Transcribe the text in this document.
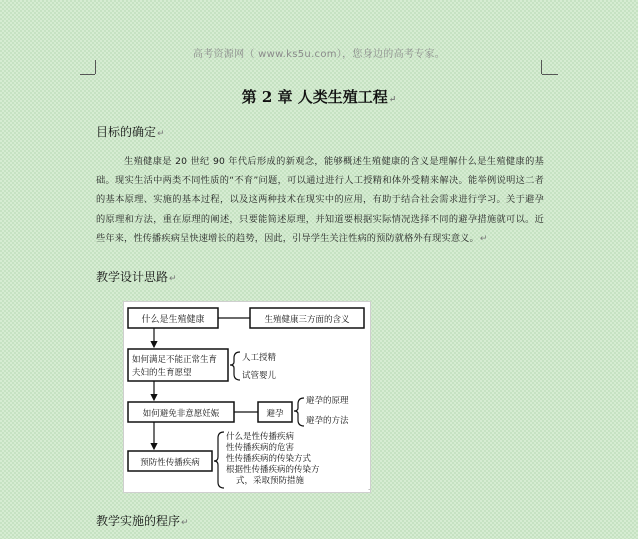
高考资源网（ www.ks5u.com），您身边的高考专家。
第 2 章 人类生殖工程↵
目标的确定↵
生殖健康是 20 世纪 90 年代后形成的新观念，能够概述生殖健康的含义是理解什么是生殖健康的基础。现实生活中两类不同性质的“不育”问题，可以通过进行人工授精和体外受精来解决。能举例说明这二者的基本原理、实施的基本过程，以及这两种技术在现实中的应用，有助于结合社会需求进行学习。关于避孕的原理和方法，重在原理的阐述，只要能简述原理，并知道要根据实际情况选择不同的避孕措施就可以。近些年来，性传播疾病呈快速增长的趋势，因此，引导学生关注性病的预防就格外有现实意义。↵
教学设计思路↵
什么是生殖健康	生殖健康三方面的含义
如何满足不能正常生育
夫妇的生育愿望
人工授精
试管婴儿
如何避免非意愿妊娠	避孕
避孕的原理
避孕的方法
预防性传播疾病
什么是性传播疾病
性传播疾病的危害
性传播疾病的传染方式
根据性传播疾病的传染方
式，采取预防措施
·
教学实施的程序↵
